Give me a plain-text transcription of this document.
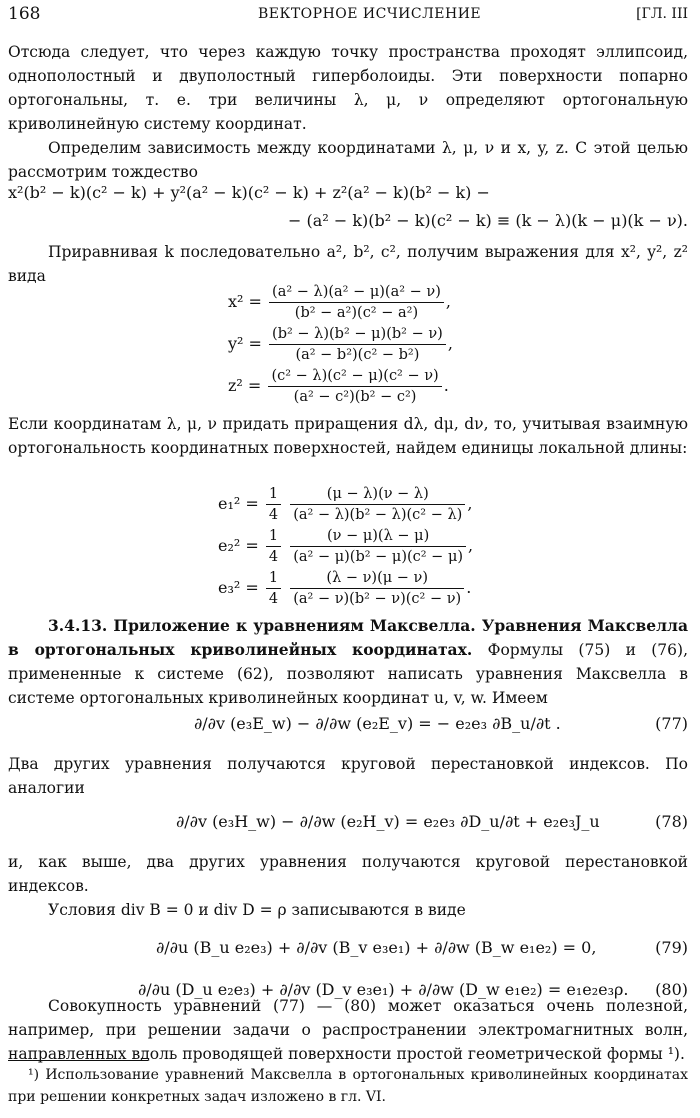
168	ВЕКТОРНОЕ ИСЧИСЛЕНИЕ	[ГЛ. III

Отсюда следует, что через каждую точку пространства проходят эллипсоид, однополостный и двуполостный гиперболоиды. Эти поверхности попарно ортогональны, т. е. три величины λ, μ, ν определяют ортогональную криволинейную систему координат.

Определим зависимость между координатами λ, μ, ν и x, y, z. С этой целью рассмотрим тождество

x²(b² − k)(c² − k) + y²(a² − k)(c² − k) + z²(a² − k)(b² − k) −
− (a² − k)(b² − k)(c² − k) ≡ (k − λ)(k − μ)(k − ν).

Приравнивая k последовательно a², b², c², получим выражения для x², y², z² вида

$x^2 = \frac{\text{(a² − λ)(a² − μ)(a² − ν)}}{\text{(b² − a²)(c² − a²)}}$ ,
$y^2 = \frac{\text{(b² − λ)(b² − μ)(b² − ν)}}{\text{(a² − b²)(c² − b²)}}$ ,
$z^2 = \frac{\text{(c² − λ)(c² − μ)(c² − ν)}}{\text{(a² − c²)(b² − c²)}}$ .

Если координатам λ, μ, ν придать приращения dλ, dμ, dν, то, учитывая взаимную ортогональность координатных поверхностей, найдем единицы локальной длины:

$e_1^2 = \frac{1}{4}$
$\frac{(\mu - \lambda)(\nu - \lambda)}{\text{(a² − λ)(b² − λ)(c² − λ)}}$ ,
$e_2^2 = \frac{1}{4}$
$\frac{(\nu - \mu)(\lambda - \mu)}{\text{(a² − μ)(b² − μ)(c² − μ)}}$ ,
$e_3^2 = \frac{1}{4}$
$\frac{(\lambda - \nu)(\mu - \nu)}{\text{(a² − ν)(b² − ν)(c² − ν)}}$ .

3.4.13. Приложение к уравнениям Максвелла. Уравнения Максвелла в ортогональных криволинейных координатах. Формулы (75) и (76), примененные к системе (62), позволяют написать уравнения Максвелла в системе ортогональных криволинейных координат u, v, w. Имеем

∂/∂v (e₃E_w) − ∂/∂w (e₂E_v) = − e₂e₃ ∂B_u/∂t .	(77)

Два других уравнения получаются круговой перестановкой индексов. По аналогии

∂/∂v (e₃H_w) − ∂/∂w (e₂H_v) = e₂e₃ ∂D_u/∂t + e₂e₃J_u	(78)

и, как выше, два других уравнения получаются круговой перестановкой индексов.

Условия div B = 0 и div D = ρ записываются в виде

∂/∂u (B_u e₂e₃) + ∂/∂v (B_v e₃e₁) + ∂/∂w (B_w e₁e₂) = 0,	(79)
∂/∂u (D_u e₂e₃) + ∂/∂v (D_v e₃e₁) + ∂/∂w (D_w e₁e₂) = e₁e₂e₃ρ. (80)

Совокупность уравнений (77) — (80) может оказаться очень полезной, например, при решении задачи о распространении электромагнитных волн, направленных вдоль проводящей поверхности простой геометрической формы ¹).

¹) Использование уравнений Максвелла в ортогональных криволинейных координатах при решении конкретных задач изложено в гл. VI.
